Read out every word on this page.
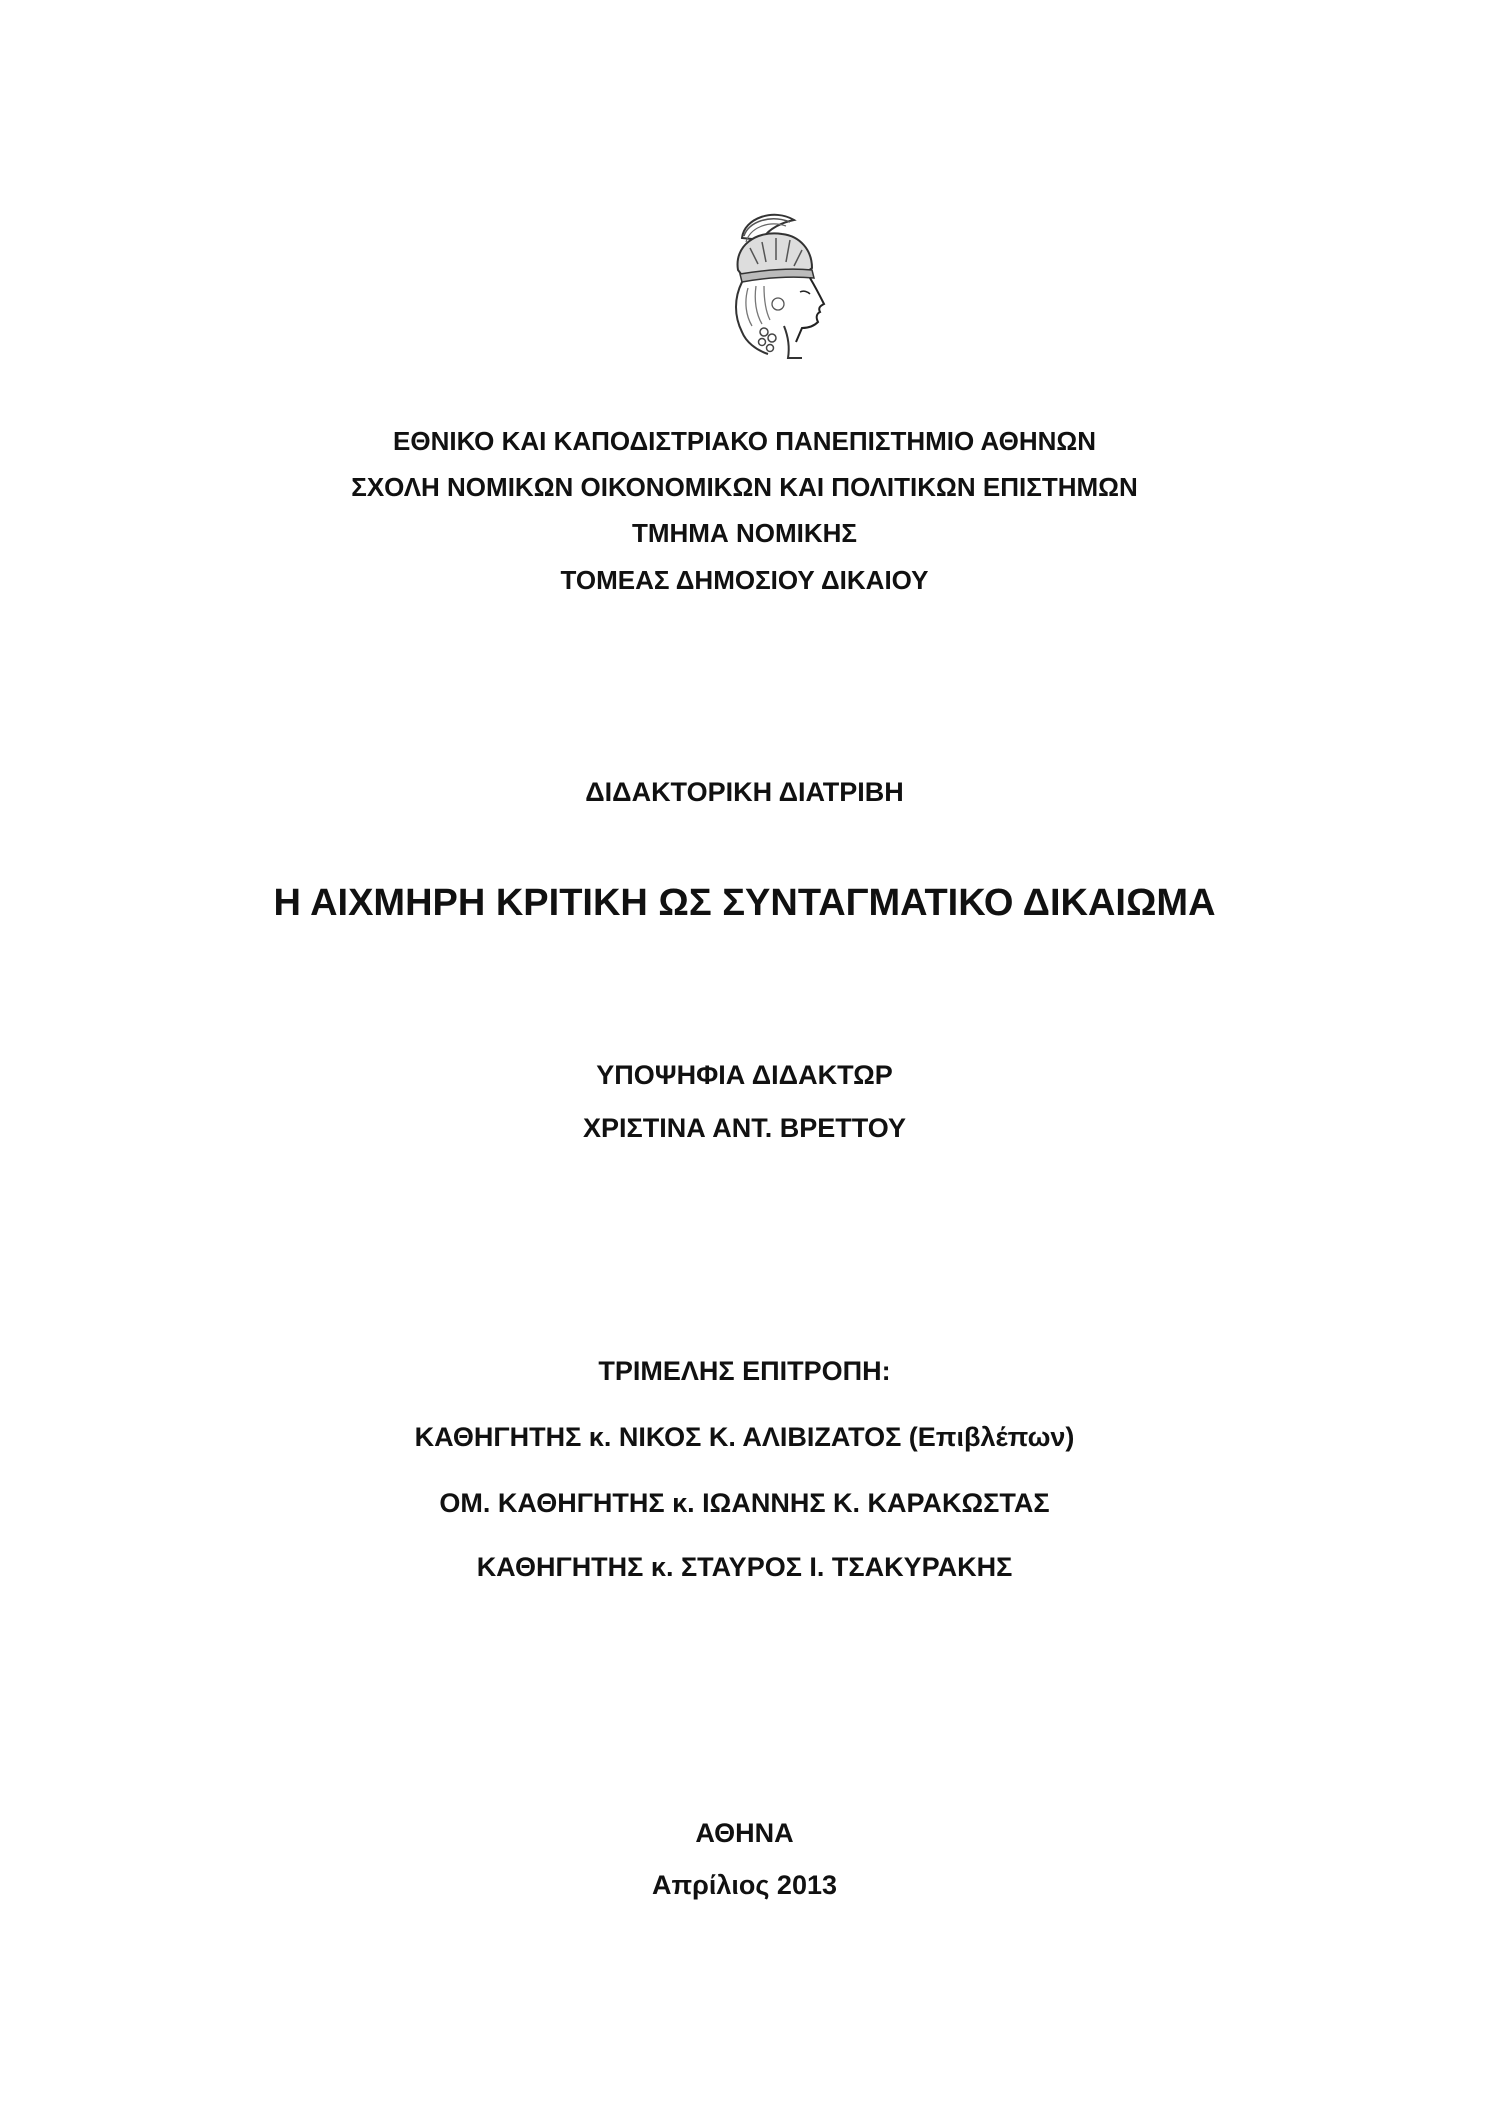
ΕΘΝΙΚΟ ΚΑΙ ΚΑΠΟΔΙΣΤΡΙΑΚΟ ΠΑΝΕΠΙΣΤΗΜΙΟ ΑΘΗΝΩΝ
ΣΧΟΛΗ ΝΟΜΙΚΩΝ ΟΙΚΟΝΟΜΙΚΩΝ ΚΑΙ ΠΟΛΙΤΙΚΩΝ ΕΠΙΣΤΗΜΩΝ
ΤΜΗΜΑ ΝΟΜΙΚΗΣ
ΤΟΜΕΑΣ ΔΗΜΟΣΙΟΥ ΔΙΚΑΙΟΥ
ΔΙΔΑΚΤΟΡΙΚΗ ΔΙΑΤΡΙΒΗ
Η ΑΙΧΜΗΡΗ ΚΡΙΤΙΚΗ ΩΣ ΣΥΝΤΑΓΜΑΤΙΚΟ ΔΙΚΑΙΩΜΑ
ΥΠΟΨΗΦΙΑ ΔΙΔΑΚΤΩΡ
ΧΡΙΣΤΙΝΑ ΑΝΤ. ΒΡΕΤΤΟΥ
ΤΡΙΜΕΛΗΣ ΕΠΙΤΡΟΠΗ:
ΚΑΘΗΓΗΤΗΣ κ. ΝΙΚΟΣ Κ. ΑΛΙΒΙΖΑΤΟΣ (Επιβλέπων)
ΟΜ. ΚΑΘΗΓΗΤΗΣ κ. ΙΩΑΝΝΗΣ Κ. ΚΑΡΑΚΩΣΤΑΣ
ΚΑΘΗΓΗΤΗΣ κ. ΣΤΑΥΡΟΣ Ι. ΤΣΑΚΥΡΑΚΗΣ
ΑΘΗΝΑ
Απρίλιος 2013
